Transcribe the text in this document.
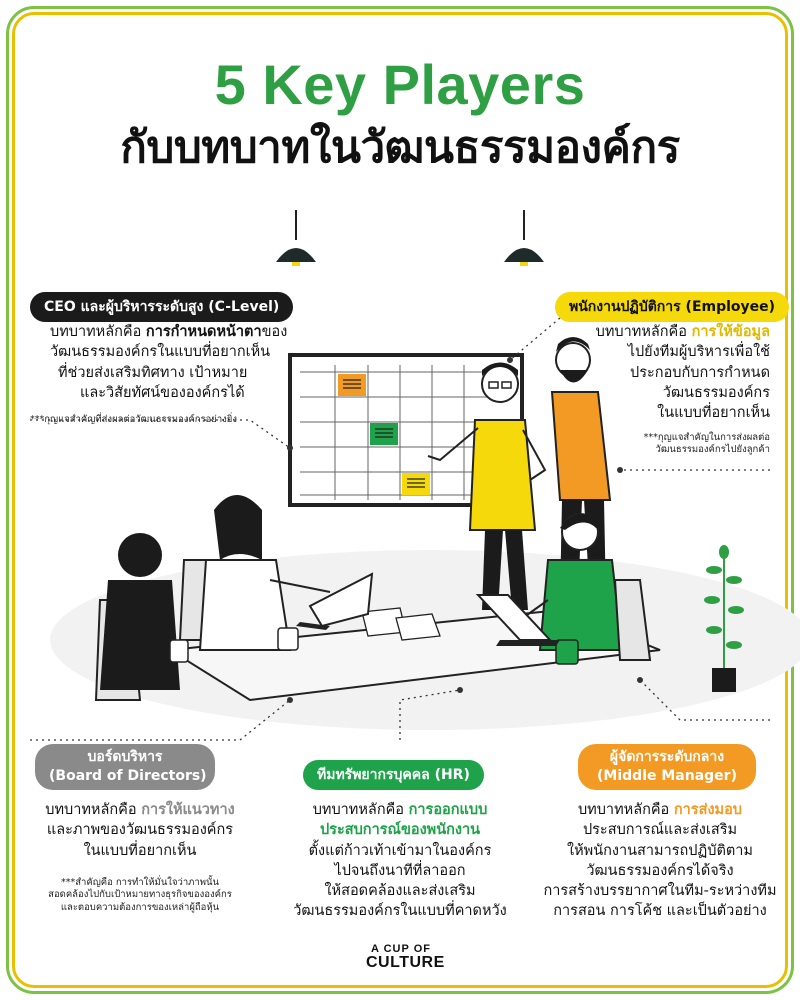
5 Key Players
กับบทบาทในวัฒนธรรมองค์กร
CEO และผู้บริหารระดับสูง (C-Level)
บทบาทหลักคือ การกำหนดหน้าตาของ
วัฒนธรรมองค์กรในแบบที่อยากเห็น
ที่ช่วยส่งเสริมทิศทาง เป้าหมาย
และวิสัยทัศน์ขององค์กรได้
***กุญแจสำคัญที่ส่งผลต่อวัฒนธรรมองค์กรอย่างยิ่ง
พนักงานปฏิบัติการ (Employee)
บทบาทหลักคือ การให้ข้อมูล
ไปยังทีมผู้บริหารเพื่อใช้
ประกอบกับการกำหนด
วัฒนธรรมองค์กร
ในแบบที่อยากเห็น
***กุญแจสำคัญในการส่งผลต่อ
วัฒนธรรมองค์กรไปยังลูกค้า
บอร์ดบริหาร
(Board of Directors)
บทบาทหลักคือ การให้แนวทาง
และภาพของวัฒนธรรมองค์กร
ในแบบที่อยากเห็น
***สำคัญคือ การทำให้มั่นใจว่าภาพนั้น
สอดคล้องไปกับเป้าหมายทางธุรกิจขององค์กร
และตอบความต้องการของเหล่าผู้ถือหุ้น
ทีมทรัพยากรบุคคล (HR)
บทบาทหลักคือ การออกแบบ
ประสบการณ์ของพนักงาน
ตั้งแต่ก้าวเท้าเข้ามาในองค์กร
ไปจนถึงนาทีที่ลาออก
ให้สอดคล้องและส่งเสริม
วัฒนธรรมองค์กรในแบบที่คาดหวัง
ผู้จัดการระดับกลาง
(Middle Manager)
บทบาทหลักคือ การส่งมอบ
ประสบการณ์และส่งเสริม
ให้พนักงานสามารถปฏิบัติตาม
วัฒนธรรมองค์กรได้จริง
การสร้างบรรยากาศในทีม-ระหว่างทีม
การสอน การโค้ช และเป็นตัวอย่าง
A CUP OF
CULTURE
